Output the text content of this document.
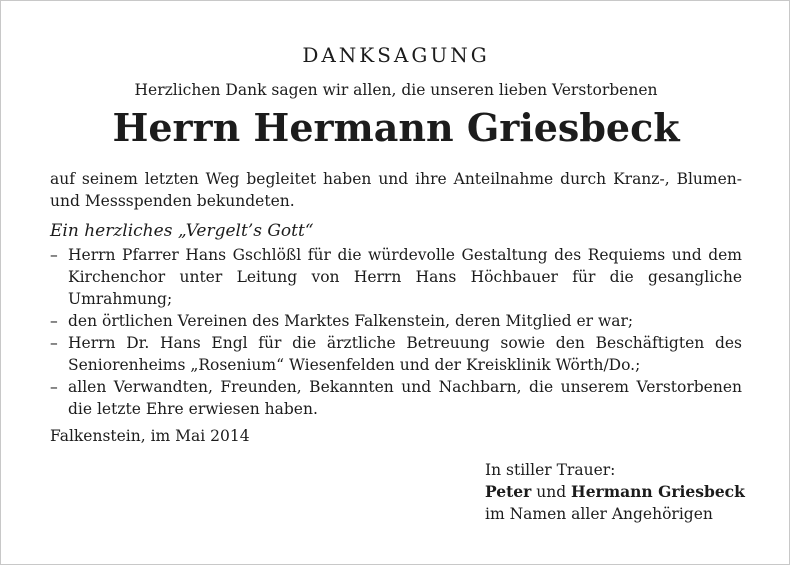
DANKSAGUNG
Herzlichen Dank sagen wir allen, die unseren lieben Verstorbenen
Herrn Hermann Griesbeck
auf seinem letzten Weg begleitet haben und ihre Anteilnahme durch Kranz-, Blumen- und Messspenden bekundeten.
Ein herzliches „Vergelt’s Gott“
– Herrn Pfarrer Hans Gschlößl für die würdevolle Gestaltung des Requiems und dem Kirchenchor unter Leitung von Herrn Hans Höchbauer für die gesangliche Umrahmung;
– den örtlichen Vereinen des Marktes Falkenstein, deren Mitglied er war;
– Herrn Dr. Hans Engl für die ärztliche Betreuung sowie den Beschäftigten des Seniorenheims „Rosenium“ Wiesenfelden und der Kreisklinik Wörth/Do.;
– allen Verwandten, Freunden, Bekannten und Nachbarn, die unserem Verstorbenen die letzte Ehre erwiesen haben.
Falkenstein, im Mai 2014
In stiller Trauer:
Peter und Hermann Griesbeck
im Namen aller Angehörigen
